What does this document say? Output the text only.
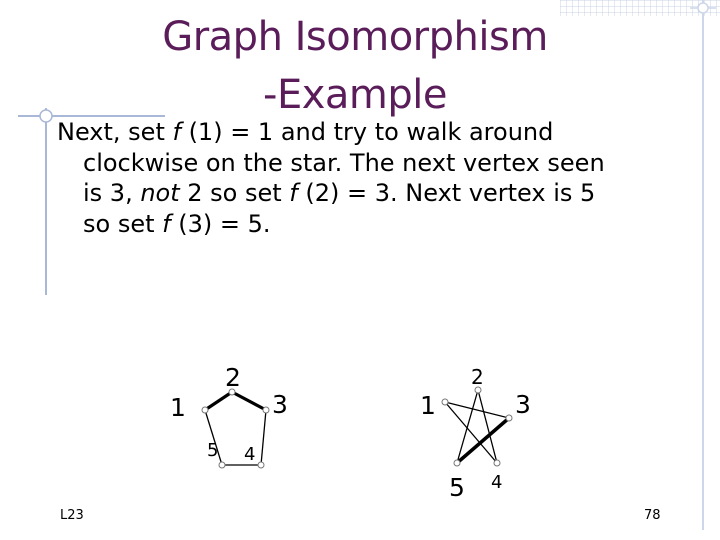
Graph Isomorphism
-Example
Next, set f (1) = 1 and try to walk around
clockwise on the star. The next vertex seen
is 3, not 2 so set f (2) = 3. Next vertex is 5
so set f (3) = 5.
1
2
3
4
5
1
2
3
4
5
L23	78
